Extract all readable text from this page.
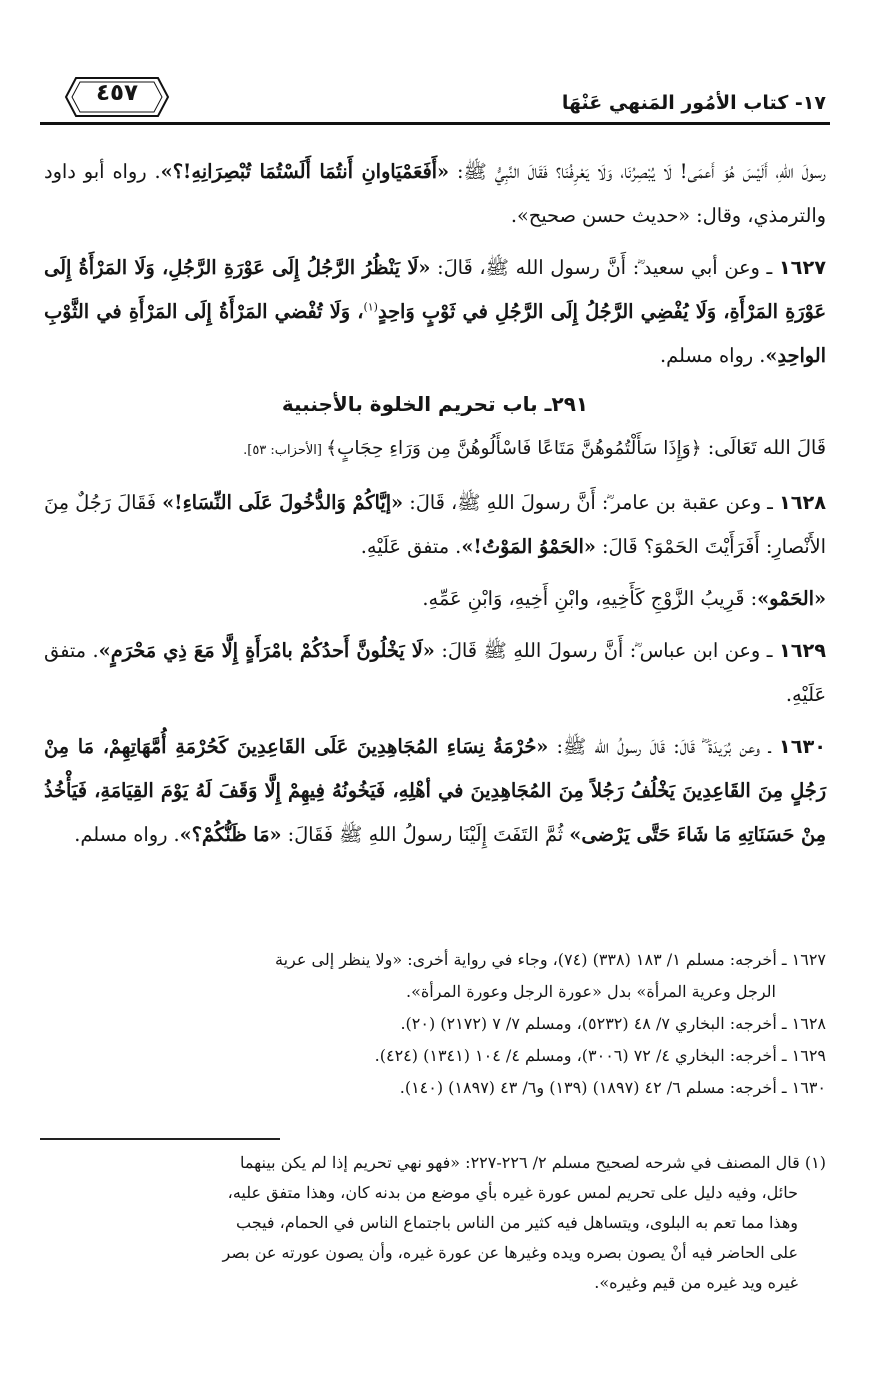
١٧- كتاب الأمُور المَنهي عَنْهَا
٤٥٧

رسولَ اللهِ، أَلَيْسَ هُوَ أَعمَى! لَا يُبْصِرُنَا، وَلَا يَعْرِفُنَا؟ فَقَالَ النَّبِيُّ ﷺ: «أَفَعَمْيَاوانِ أَنتُمَا أَلَسْتُمَا تُبْصِرَانِهِ!؟». رواه أبو داود والترمذي، وقال: «حديث حسن صحيح».

١٦٢٧ ـ وعن أبي سعيد ؓ: أَنَّ رسول الله ﷺ، قَالَ: «لَا يَنْظُرُ الرَّجُلُ إِلَى عَوْرَةِ الرَّجُلِ، وَلَا المَرْأَةُ إِلَى عَوْرَةِ المَرْأَةِ، وَلَا يُفْضِي الرَّجُلُ إِلَى الرَّجُلِ في ثَوْبٍ وَاحِدٍ$^{(١)}$، وَلَا تُفْضي المَرْأَةُ إِلَى المَرْأَةِ في الثَّوْبِ الواحِدِ». رواه مسلم.

٢٩١ـ باب تحريم الخلوة بالأجنبية

قَالَ الله تَعَالَى: ﴿وَإِذَا سَأَلْتُمُوهُنَّ مَتَاعًا فَاسْأَلُوهُنَّ مِن وَرَاءِ حِجَابٍ﴾ [الأحزاب: ٥٣].

١٦٢٨ ـ وعن عقبة بن عامر ؓ: أَنَّ رسولَ اللهِ ﷺ، قَالَ: «إيَّاكُمْ وَالدُّخُولَ عَلَى النِّسَاءِ!» فَقَالَ رَجُلٌ مِنَ الأَنْصارِ: أَفَرَأَيْتَ الحَمْوَ؟ قَالَ: «الحَمْوُ المَوْتُ!». متفق عَلَيْهِ.

«الحَمْو»: قَرِيبُ الزَّوْجِ كَأَخِيهِ، وابْنِ أَخِيهِ، وَابْنِ عَمِّهِ.

١٦٢٩ ـ وعن ابن عباس ؓ: أَنَّ رسولَ اللهِ ﷺ قَالَ: «لَا يَخْلُونَّ أَحدُكُمْ بامْرَأَةٍ إِلَّا مَعَ ذِي مَحْرَمٍ». متفق عَلَيْهِ.

١٦٣٠ ـ وعن بُرَيدَةَ ؓ قَالَ: قَالَ رسولُ الله ﷺ: «حُرْمَةُ نِسَاءِ المُجَاهِدِينَ عَلَى القَاعِدِينَ كَحُرْمَةِ أُمَّهَاتِهِمْ، مَا مِنْ رَجُلٍ مِنَ القَاعِدِينَ يَخْلُفُ رَجُلاً مِنَ المُجَاهِدِينَ في أهْلِهِ، فَيَخُونُهُ فِيهِمْ إِلَّا وَقَفَ لَهُ يَوْمَ القِيَامَةِ، فَيَأْخُذُ مِنْ حَسَنَاتِهِ مَا شَاءَ حَتَّى يَرْضى» ثُمَّ التَفَتَ إِلَيْنَا رسولُ اللهِ ﷺ فَقَالَ: «مَا ظَنُّكُمْ؟». رواه مسلم.

١٦٢٧ ـ أخرجه: مسلم ١/ ١٨٣ (٣٣٨) (٧٤)، وجاء في رواية أخرى: «ولا ينظر إلى عرية

الرجل وعرية المرأة» بدل «عورة الرجل وعورة المرأة».

١٦٢٨ ـ أخرجه: البخاري ٧/ ٤٨ (٥٢٣٢)، ومسلم ٧/ ٧ (٢١٧٢) (٢٠).

١٦٢٩ ـ أخرجه: البخاري ٤/ ٧٢ (٣٠٠٦)، ومسلم ٤/ ١٠٤ (١٣٤١) (٤٢٤).

١٦٣٠ ـ أخرجه: مسلم ٦/ ٤٢ (١٨٩٧) (١٣٩) و٦/ ٤٣ (١٨٩٧) (١٤٠).

(١) قال المصنف في شرحه لصحيح مسلم ٢/ ٢٢٦-٢٢٧: «فهو نهي تحريم إذا لم يكن بينهما
حائل، وفيه دليل على تحريم لمس عورة غيره بأي موضع من بدنه كان، وهذا متفق عليه،
وهذا مما تعم به البلوى، ويتساهل فيه كثير من الناس باجتماع الناس في الحمام، فيجب
على الحاضر فيه أنْ يصون بصره ويده وغيرها عن عورة غيره، وأن يصون عورته عن بصر
غيره ويد غيره من قيم وغيره».
